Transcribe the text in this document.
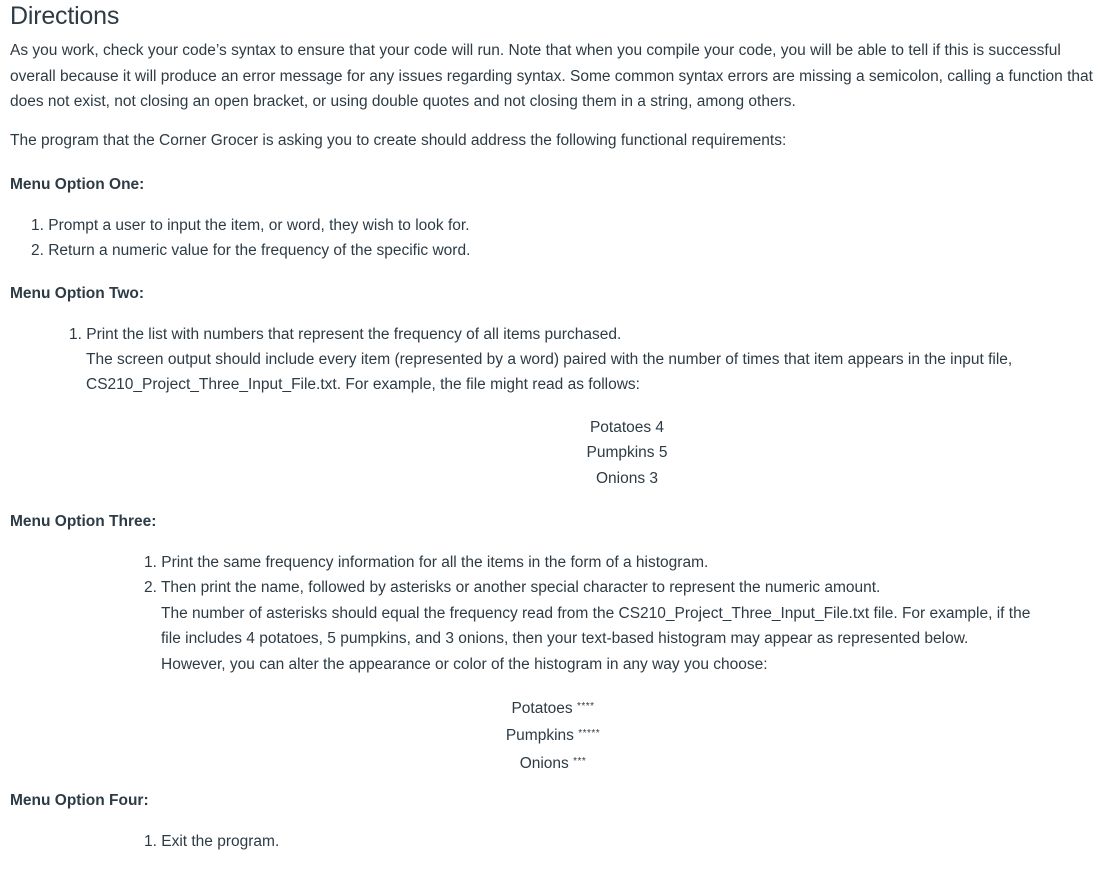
Directions

As you work, check your code’s syntax to ensure that your code will run. Note that when you compile your code, you will be able to tell if this is successful overall because it will produce an error message for any issues regarding syntax. Some common syntax errors are missing a semicolon, calling a function that does not exist, not closing an open bracket, or using double quotes and not closing them in a string, among others.

The program that the Corner Grocer is asking you to create should address the following functional requirements:

Menu Option One:

1. Prompt a user to input the item, or word, they wish to look for.
2. Return a numeric value for the frequency of the specific word.

Menu Option Two:

1. Print the list with numbers that represent the frequency of all items purchased.

The screen output should include every item (represented by a word) paired with the number of times that item appears in the input file,
CS210_Project_Three_Input_File.txt. For example, the file might read as follows:

Potatoes 4
Pumpkins 5
Onions 3

Menu Option Three:

1. Print the same frequency information for all the items in the form of a histogram.
2. Then print the name, followed by asterisks or another special character to represent the numeric amount.

The number of asterisks should equal the frequency read from the CS210_Project_Three_Input_File.txt file. For example, if the
file includes 4 potatoes, 5 pumpkins, and 3 onions, then your text-based histogram may appear as represented below.
However, you can alter the appearance or color of the histogram in any way you choose:

Potatoes ****
Pumpkins *****
Onions ***

Menu Option Four:

1. Exit the program.
